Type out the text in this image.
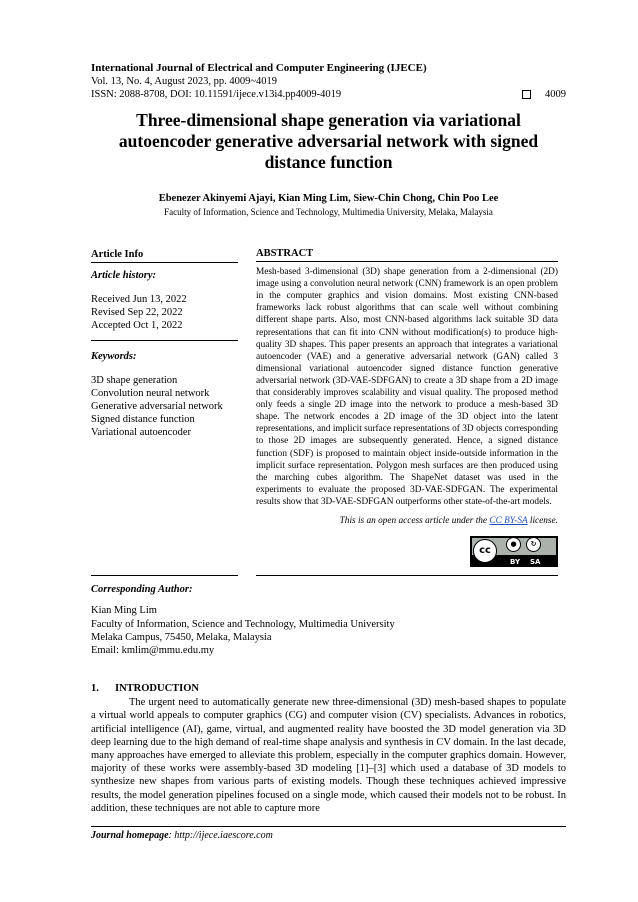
International Journal of Electrical and Computer Engineering (IJECE)
Vol. 13, No. 4, August 2023, pp. 4009~4019
ISSN: 2088-8708, DOI: 10.11591/ijece.v13i4.pp4009-4019	4009
Three-dimensional shape generation via variational autoencoder generative adversarial network with signed distance function
Ebenezer Akinyemi Ajayi, Kian Ming Lim, Siew-Chin Chong, Chin Poo Lee
Faculty of Information, Science and Technology, Multimedia University, Melaka, Malaysia
Article Info
Article history:
Received Jun 13, 2022
Revised Sep 22, 2022
Accepted Oct 1, 2022
Keywords:
3D shape generation
Convolution neural network
Generative adversarial network
Signed distance function
Variational autoencoder
ABSTRACT
Mesh-based 3-dimensional (3D) shape generation from a 2-dimensional (2D) image using a convolution neural network (CNN) framework is an open problem in the computer graphics and vision domains. Most existing CNN-based frameworks lack robust algorithms that can scale well without combining different shape parts. Also, most CNN-based algorithms lack suitable 3D data representations that can fit into CNN without modification(s) to produce high-quality 3D shapes. This paper presents an approach that integrates a variational autoencoder (VAE) and a generative adversarial network (GAN) called 3 dimensional variational autoencoder signed distance function generative adversarial network (3D-VAE-SDFGAN) to create a 3D shape from a 2D image that considerably improves scalability and visual quality. The proposed method only feeds a single 2D image into the network to produce a mesh-based 3D shape. The network encodes a 2D image of the 3D object into the latent representations, and implicit surface representations of 3D objects corresponding to those 2D images are subsequently generated. Hence, a signed distance function (SDF) is proposed to maintain object inside-outside information in the implicit surface representation. Polygon mesh surfaces are then produced using the marching cubes algorithm. The ShapeNet dataset was used in the experiments to evaluate the proposed 3D-VAE-SDFGAN. The experimental results show that 3D-VAE-SDFGAN outperforms other state-of-the-art models.
This is an open access article under the CC BY-SA license.
cc
●	↻
BY SA
Corresponding Author:
Kian Ming Lim
Faculty of Information, Science and Technology, Multimedia University
Melaka Campus, 75450, Melaka, Malaysia
Email: kmlim@mmu.edu.my
1. INTRODUCTION

The urgent need to automatically generate new three-dimensional (3D) mesh-based shapes to populate a virtual world appeals to computer graphics (CG) and computer vision (CV) specialists. Advances in robotics, artificial intelligence (AI), game, virtual, and augmented reality have boosted the 3D model generation via 3D deep learning due to the high demand of real-time shape analysis and synthesis in CV domain. In the last decade, many approaches have emerged to alleviate this problem, especially in the computer graphics domain. However, majority of these works were assembly-based 3D modeling [1]–[3] which used a database of 3D models to synthesize new shapes from various parts of existing models. Though these techniques achieved impressive results, the model generation pipelines focused on a single mode, which caused their models not to be robust. In addition, these techniques are not able to capture more

Journal homepage: http://ijece.iaescore.com
